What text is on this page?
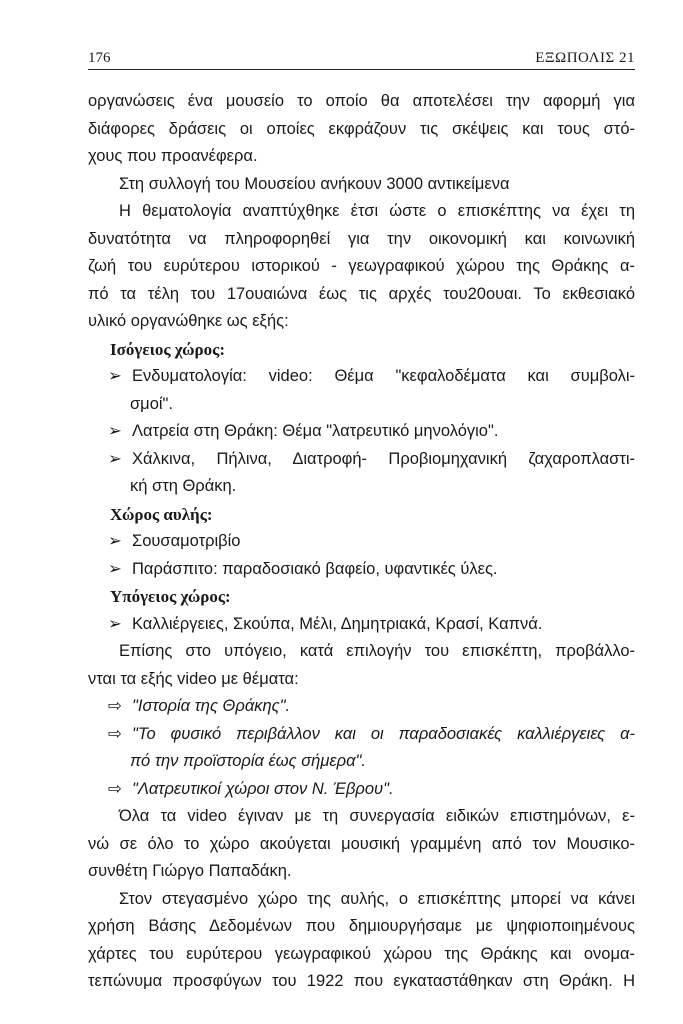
176	ΕΞΩΠΟΛΙΣ 21
οργανώσεις ένα μουσείο το οποίο θα αποτελέσει την αφορμή για
διάφορες δράσεις οι οποίες εκφράζουν τις σκέψεις και τους στό-
χους που προανέφερα.
Στη συλλογή του Μουσείου ανήκουν 3000 αντικείμενα
Η θεματολογία αναπτύχθηκε έτσι ώστε ο επισκέπτης να έχει τη
δυνατότητα να πληροφορηθεί για την οικονομική και κοινωνική
ζωή του ευρύτερου ιστορικού - γεωγραφικού χώρου της Θράκης α-
πό τα τέλη του 17ουαιώνα έως τις αρχές του20ουαι. Το εκθεσιακό
υλικό οργανώθηκε ως εξής:
Ισόγειος χώρος:
➢ Ενδυματολογία: video: Θέμα "κεφαλοδέματα και συμβολι-
σμοί".
➢ Λατρεία στη Θράκη: Θέμα "λατρευτικό μηνολόγιο".
➢ Χάλκινα, Πήλινα, Διατροφή- Προβιομηχανική ζαχαροπλαστι-
κή στη Θράκη.
Χώρος αυλής:
➢ Σουσαμοτριβίο
➢ Παράσπιτο: παραδοσιακό βαφείο, υφαντικές ύλες.
Υπόγειος χώρος:
➢ Καλλιέργειες, Σκούπα, Μέλι, Δημητριακά, Κρασί, Καπνά.
Επίσης στο υπόγειο, κατά επιλογήν του επισκέπτη, προβάλλο-
νται τα εξής video με θέματα:
⇨ "Ιστορία της Θράκης".
⇨ "Το φυσικό περιβάλλον και οι παραδοσιακές καλλιέργειες α-
πό την προϊστορία έως σήμερα".
⇨ "Λατρευτικοί χώροι στον Ν. Έβρου".
Όλα τα video έγιναν με τη συνεργασία ειδικών επιστημόνων, ε-
νώ σε όλο το χώρο ακούγεται μουσική γραμμένη από τον Μουσικο-
συνθέτη Γιώργο Παπαδάκη.
Στον στεγασμένο χώρο της αυλής, ο επισκέπτης μπορεί να κάνει
χρήση Βάσης Δεδομένων που δημιουργήσαμε με ψηφιοποιημένους
χάρτες του ευρύτερου γεωγραφικού χώρου της Θράκης και ονομα-
τεπώνυμα προσφύγων του 1922 που εγκαταστάθηκαν στη Θράκη. Η
